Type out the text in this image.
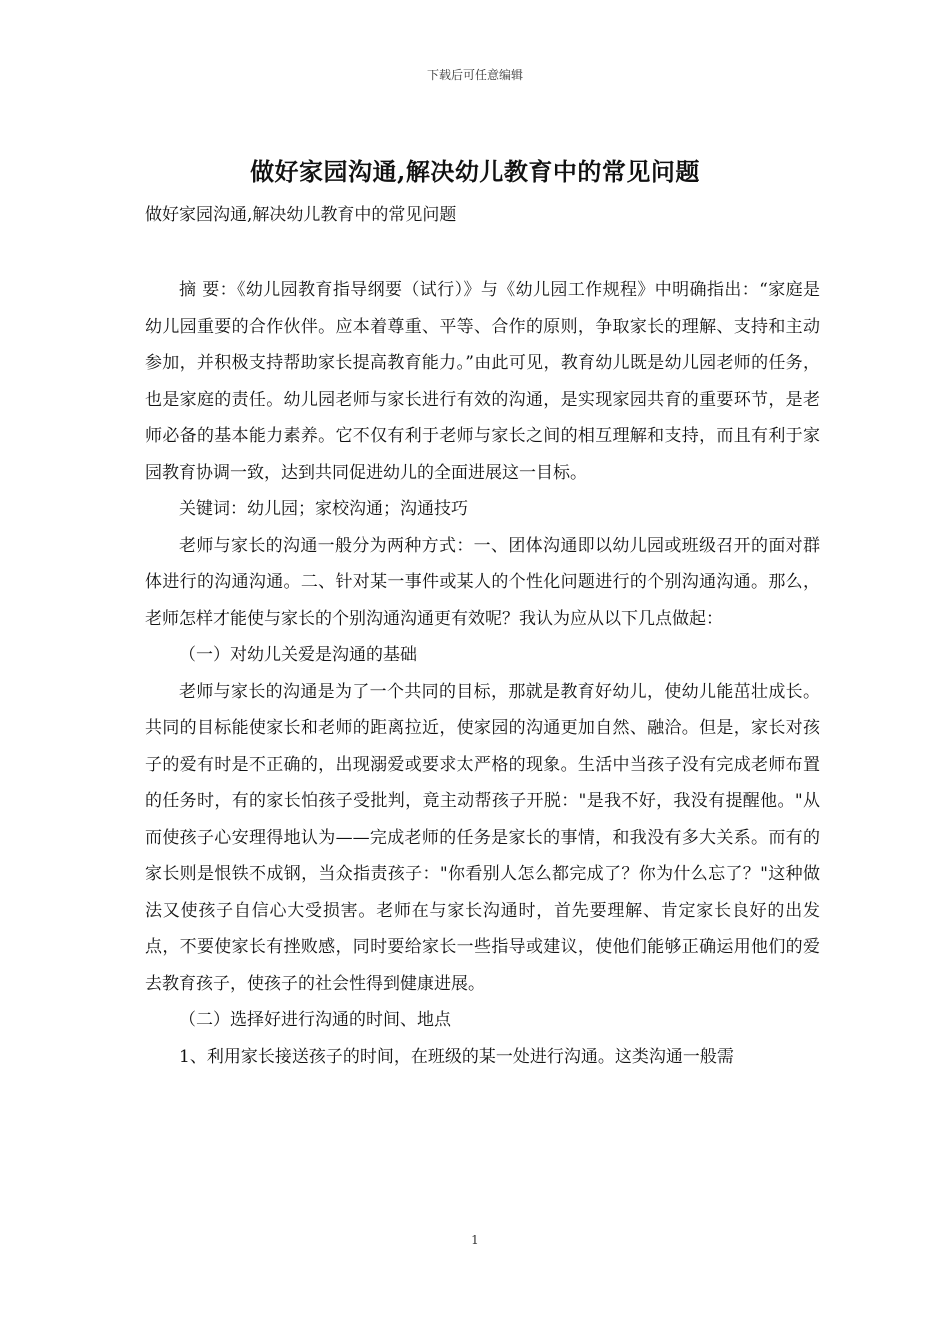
下载后可任意编辑
做好家园沟通,解决幼儿教育中的常见问题
做好家园沟通,解决幼儿教育中的常见问题

摘 要：《幼儿园教育指导纲要（试行）》与《幼儿园工作规程》中明确指出：“家庭是幼儿园重要的合作伙伴。应本着尊重、平等、合作的原则，争取家长的理解、支持和主动参加，并积极支持帮助家长提高教育能力。”由此可见，教育幼儿既是幼儿园老师的任务，也是家庭的责任。幼儿园老师与家长进行有效的沟通，是实现家园共育的重要环节，是老师必备的基本能力素养。它不仅有利于老师与家长之间的相互理解和支持，而且有利于家园教育协调一致，达到共同促进幼儿的全面进展这一目标。

关键词：幼儿园；家校沟通；沟通技巧

老师与家长的沟通一般分为两种方式：一、团体沟通即以幼儿园或班级召开的面对群体进行的沟通沟通。二、针对某一事件或某人的个性化问题进行的个别沟通沟通。那么，老师怎样才能使与家长的个别沟通沟通更有效呢？我认为应从以下几点做起：

（一）对幼儿关爱是沟通的基础

老师与家长的沟通是为了一个共同的目标，那就是教育好幼儿，使幼儿能茁壮成长。共同的目标能使家长和老师的距离拉近，使家园的沟通更加自然、融洽。但是，家长对孩子的爱有时是不正确的，出现溺爱或要求太严格的现象。生活中当孩子没有完成老师布置的任务时，有的家长怕孩子受批判，竟主动帮孩子开脱："是我不好，我没有提醒他。"从而使孩子心安理得地认为——完成老师的任务是家长的事情，和我没有多大关系。而有的家长则是恨铁不成钢，当众指责孩子："你看别人怎么都完成了？你为什么忘了？"这种做法又使孩子自信心大受损害。老师在与家长沟通时，首先要理解、肯定家长良好的出发点，不要使家长有挫败感，同时要给家长一些指导或建议，使他们能够正确运用他们的爱去教育孩子，使孩子的社会性得到健康进展。

（二）选择好进行沟通的时间、地点

1、利用家长接送孩子的时间，在班级的某一处进行沟通。这类沟通一般需

1
